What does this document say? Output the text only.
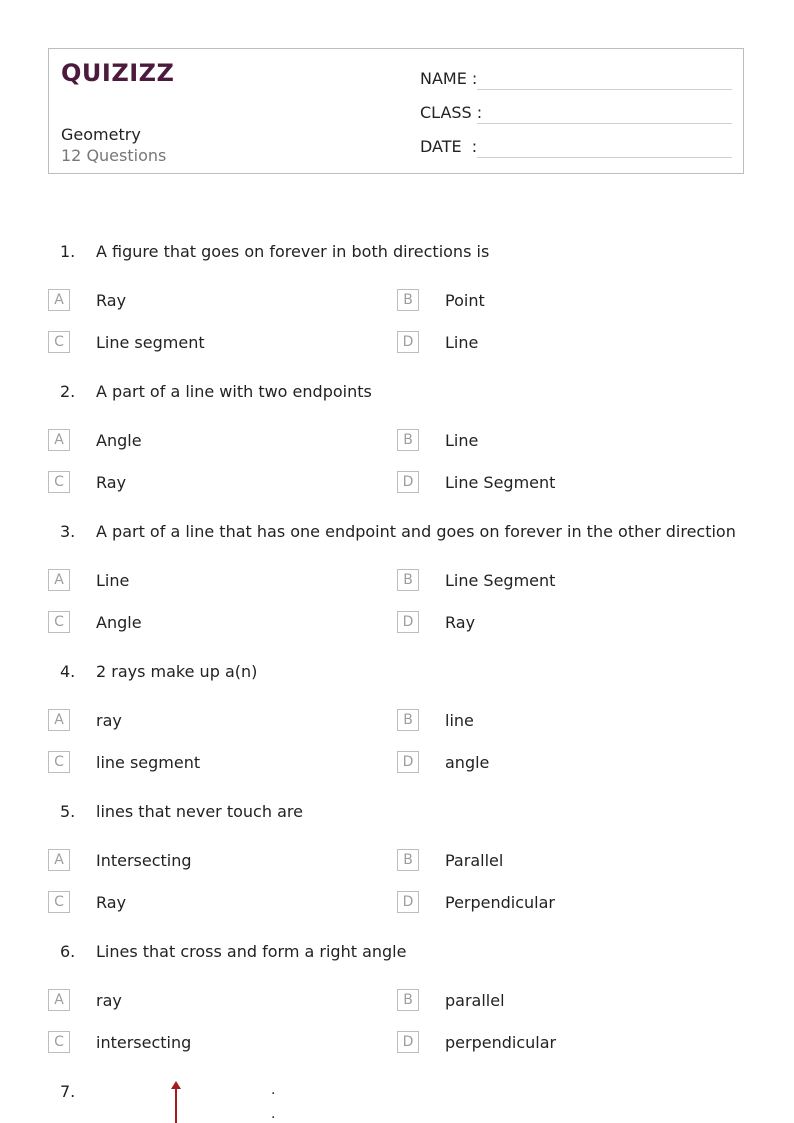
QUIZIZZ
Geometry
12 Questions
NAME :
CLASS :
DATE  :
1. A figure that goes on forever in both directions is
A	Ray	B	Point
C	Line segment	D	Line
2. A part of a line with two endpoints
A	Angle	B	Line
C	Ray	D	Line Segment
3. A part of a line that has one endpoint and goes on forever in the other direction
A	Line	B	Line Segment
C	Angle	D	Ray
4. 2 rays make up a(n)
A	ray	B	line
C	line segment	D	angle
5. lines that never touch are
A	Intersecting	B	Parallel
C	Ray	D	Perpendicular
6. Lines that cross and form a right angle
A	ray	B	parallel
C	intersecting	D	perpendicular
7.	.
.
